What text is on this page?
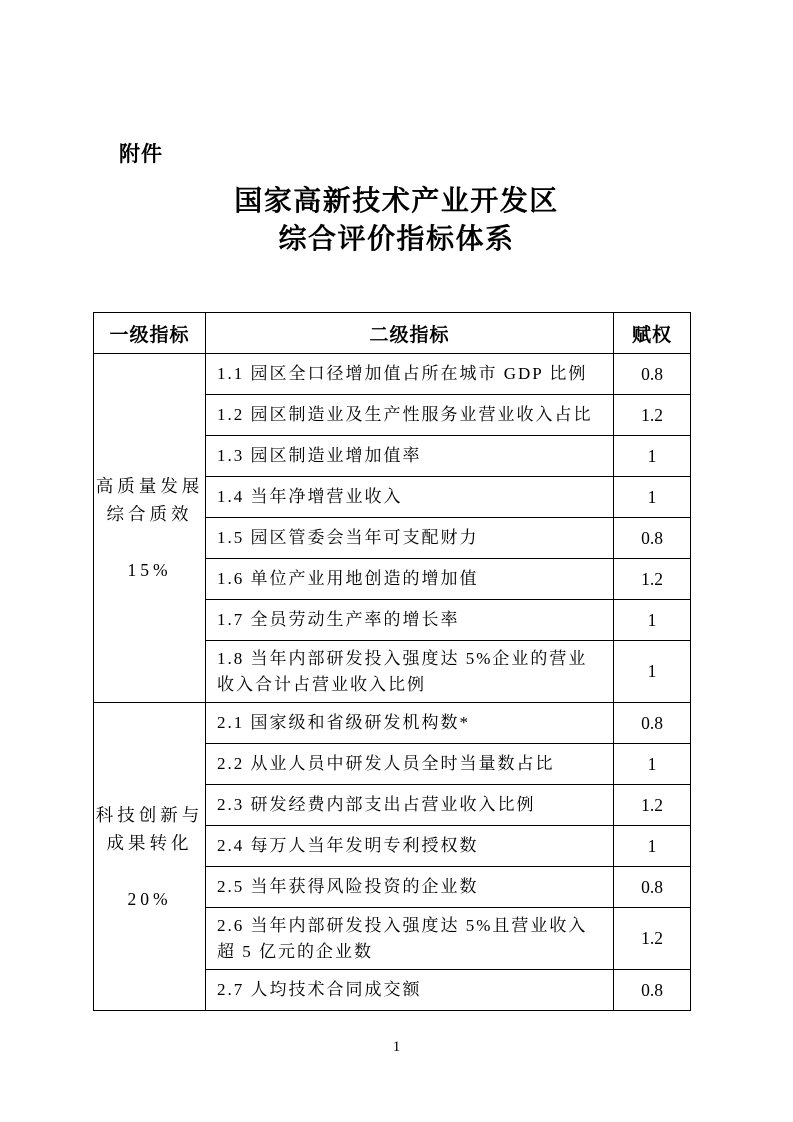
附件
国家高新技术产业开发区
综合评价指标体系
一级指标	二级指标	赋权

高质量发展
综合质效
15%	1.1 园区全口径增加值占所在城市 GDP 比例	0.8
	1.2 园区制造业及生产性服务业营业收入占比	1.2
	1.3 园区制造业增加值率	1
	1.4 当年净增营业收入	1
	1.5 园区管委会当年可支配财力	0.8
	1.6 单位产业用地创造的增加值	1.2
	1.7 全员劳动生产率的增长率	1
	1.8 当年内部研发投入强度达 5%企业的营业收入合计占营业收入比例	1

科技创新与
成果转化
20%	2.1 国家级和省级研发机构数*	0.8
	2.2 从业人员中研发人员全时当量数占比	1
	2.3 研发经费内部支出占营业收入比例	1.2
	2.4 每万人当年发明专利授权数	1
	2.5 当年获得风险投资的企业数	0.8
	2.6 当年内部研发投入强度达 5%且营业收入超 5 亿元的企业数	1.2
	2.7 人均技术合同成交额	0.8
1
